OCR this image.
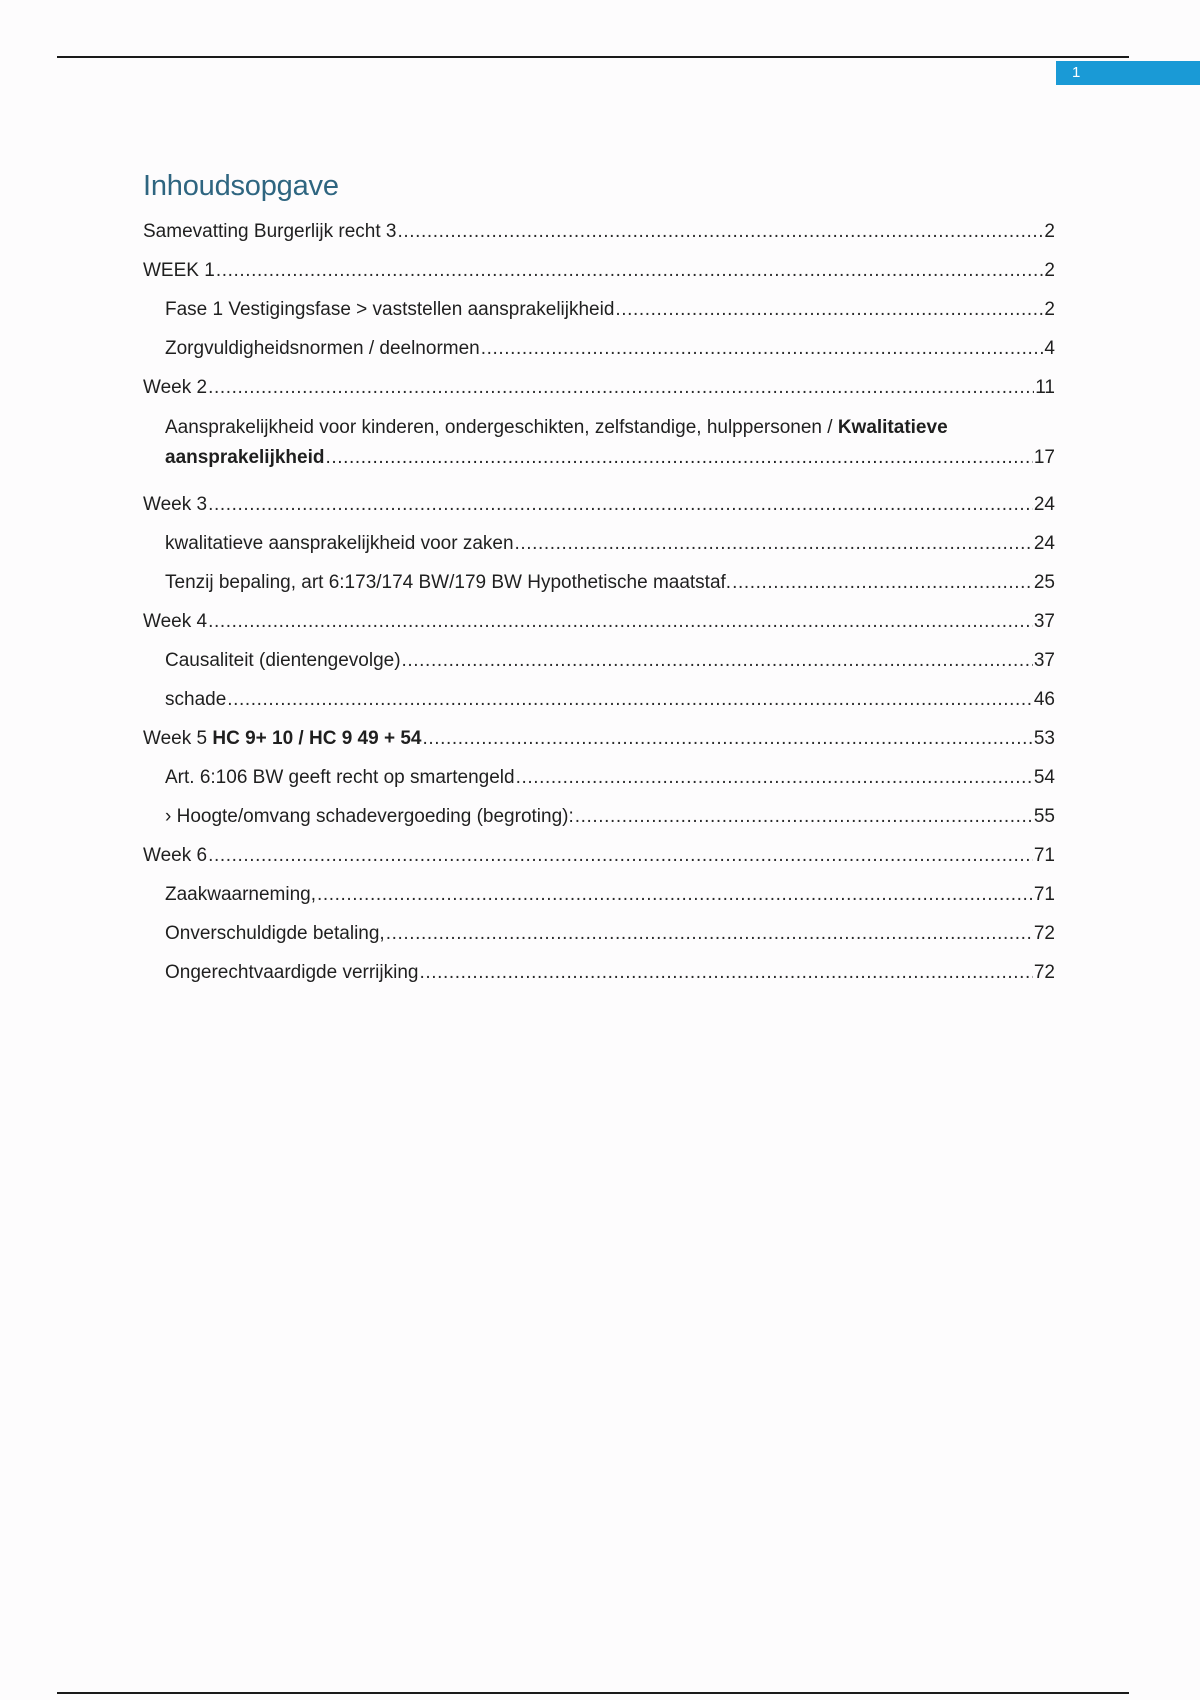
1
Inhoudsopgave
Samevatting Burgerlijk recht 3 .....	2
WEEK 1 .....	2
Fase 1 Vestigingsfase > vaststellen aansprakelijkheid .....	2
Zorgvuldigheidsnormen / deelnormen .....	4
Week 2 .....	11
Aansprakelijkheid voor kinderen, ondergeschikten, zelfstandige, hulppersonen / Kwalitatieve
aansprakelijkheid .....	17
Week 3 .....	24
kwalitatieve aansprakelijkheid voor zaken .....	24
Tenzij bepaling, art 6:173/174 BW/179 BW Hypothetische maatstaf. .....	25
Week 4 .....	37
Causaliteit (dientengevolge) .....	37
schade .....	46
Week 5 HC 9+ 10 / HC 9 49 + 54 .....	53
Art. 6:106 BW geeft recht op smartengeld .....	54
› Hoogte/omvang schadevergoeding (begroting): .....	55
Week 6 .....	71
Zaakwaarneming, .....	71
Onverschuldigde betaling, .....	72
Ongerechtvaardigde verrijking .....	72
